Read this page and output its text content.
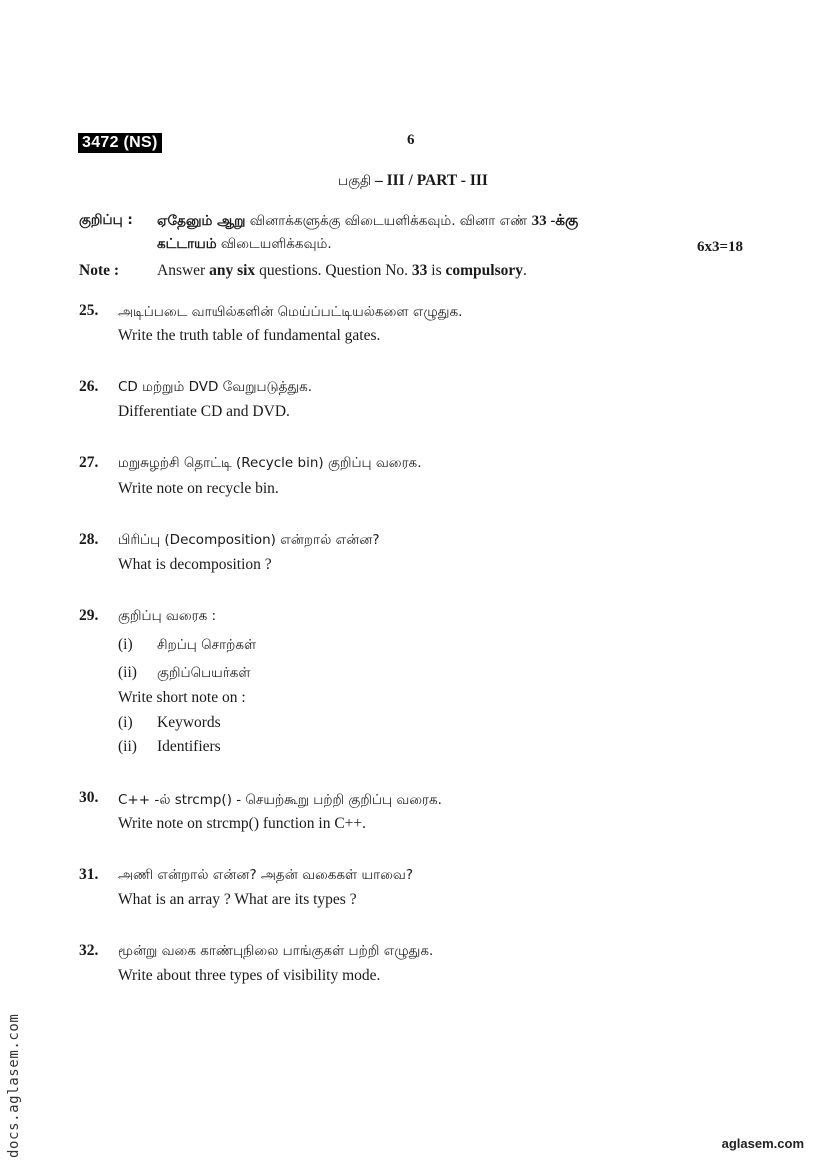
3472 (NS)	6
பகுதி – III / PART - III
குறிப்பு : ஏதேனும் ஆறு வினாக்களுக்கு விடையளிக்கவும். வினா எண் 33 -க்கு
கட்டாயம் விடையளிக்கவும்.	6x3=18
Note : Answer any six questions. Question No. 33 is compulsory.
25. அடிப்படை வாயில்களின் மெய்ப்பட்டியல்களை எழுதுக.
Write the truth table of fundamental gates.
26. CD மற்றும் DVD வேறுபடுத்துக.
Differentiate CD and DVD.
27. மறுசுழற்சி தொட்டி (Recycle bin) குறிப்பு வரைக.
Write note on recycle bin.
28. பிரிப்பு (Decomposition) என்றால் என்ன?
What is decomposition ?
29. குறிப்பு வரைக :
(i) சிறப்பு சொற்கள்
(ii) குறிப்பெயர்கள்
Write short note on :
(i) Keywords
(ii) Identifiers
30. C++ -ல் strcmp() - செயற்கூறு பற்றி குறிப்பு வரைக.
Write note on strcmp() function in C++.
31. அணி என்றால் என்ன? அதன் வகைகள் யாவை?
What is an array ? What are its types ?
32. மூன்று வகை காண்புநிலை பாங்குகள் பற்றி எழுதுக.
Write about three types of visibility mode.
docs.aglasem.com	aglasem.com
